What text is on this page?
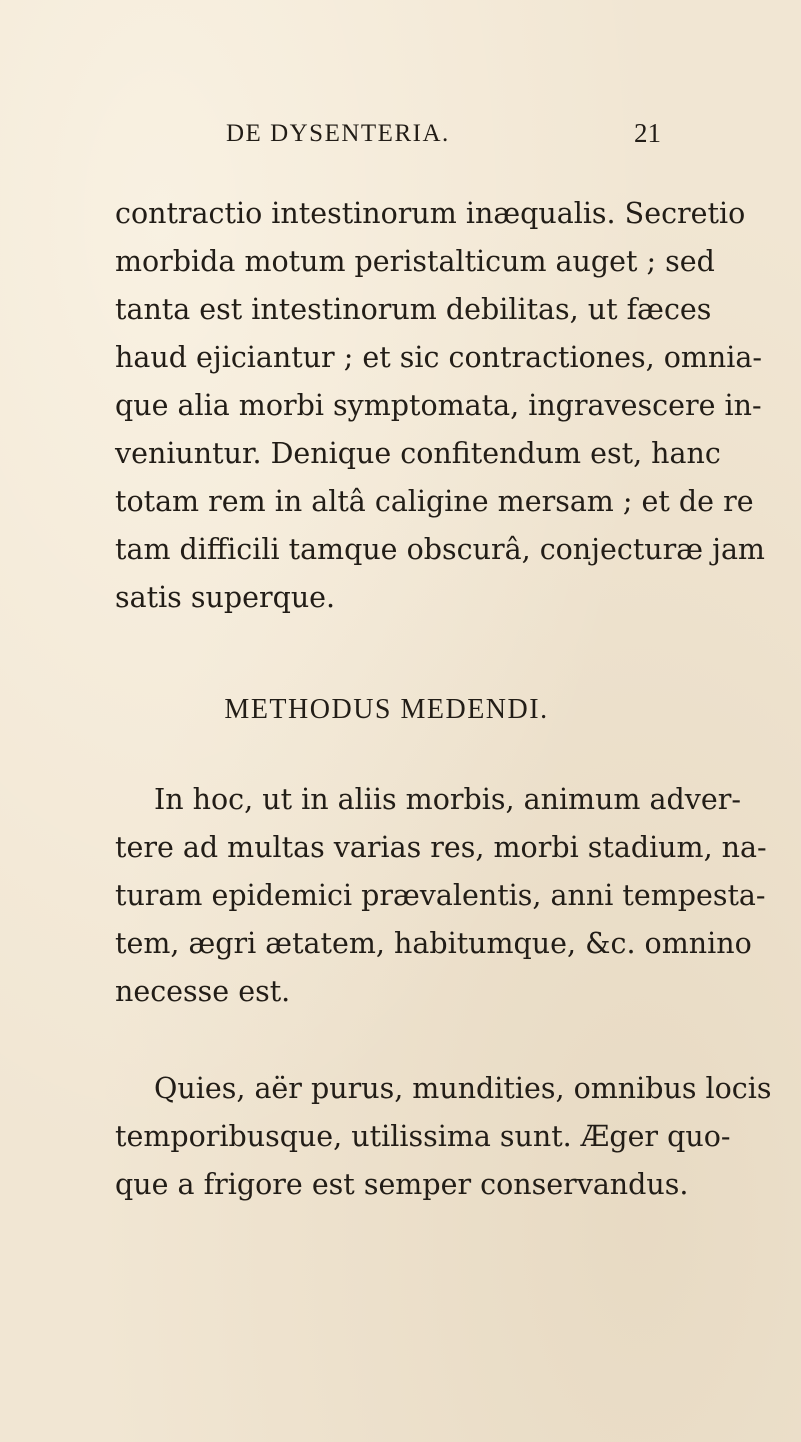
DE DYSENTERIA.	21
contractio intestinorum inæqualis. Secretio
morbida motum peristalticum auget ; sed
tanta est intestinorum debilitas, ut fæces
haud ejiciantur ; et sic contractiones, omnia-
que alia morbi symptomata, ingravescere in-
veniuntur. Denique confitendum est, hanc
totam rem in altâ caligine mersam ; et de re
tam difficili tamque obscurâ, conjecturæ jam
satis superque.
METHODUS MEDENDI.
In hoc, ut in aliis morbis, animum adver-
tere ad multas varias res, morbi stadium, na-
turam epidemici prævalentis, anni tempesta-
tem, ægri ætatem, habitumque, &c. omnino
necesse est.
Quies, aër purus, mundities, omnibus locis
temporibusque, utilissima sunt. Æger quo-
que a frigore est semper conservandus.
